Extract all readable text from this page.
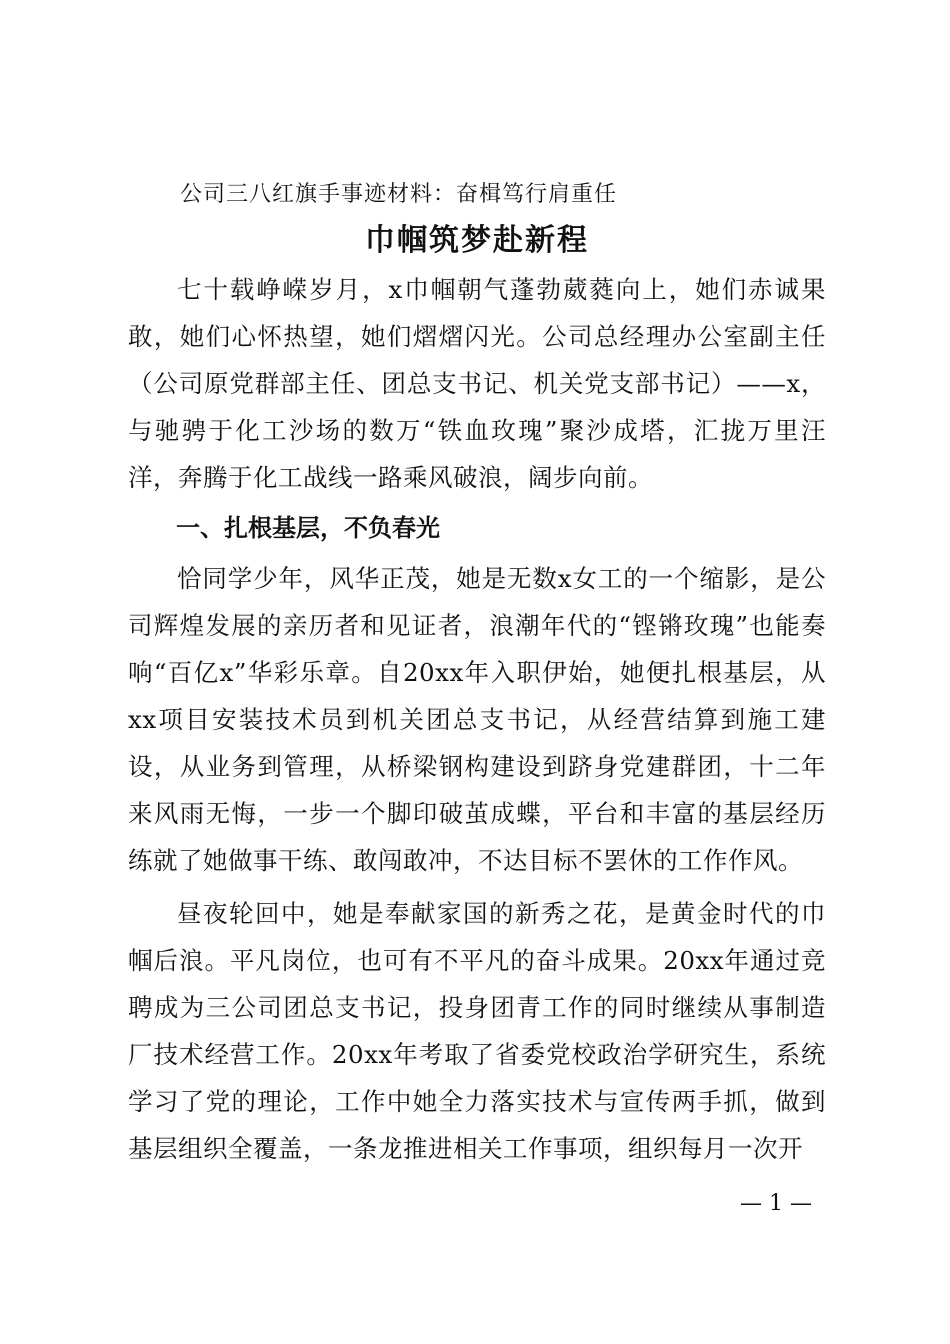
公司三八红旗手事迹材料：奋楫笃行肩重任

巾帼筑梦赴新程

七十载峥嵘岁月，x巾帼朝气蓬勃葳蕤向上，她们赤诚果敢，她们心怀热望，她们熠熠闪光。公司总经理办公室副主任（公司原党群部主任、团总支书记、机关党支部书记）——x，与驰骋于化工沙场的数万“铁血玫瑰”聚沙成塔，汇拢万里汪洋，奔腾于化工战线一路乘风破浪，阔步向前。

一、扎根基层，不负春光

恰同学少年，风华正茂，她是无数x女工的一个缩影，是公司辉煌发展的亲历者和见证者，浪潮年代的“铿锵玫瑰”也能奏响“百亿x”华彩乐章。自20xx年入职伊始，她便扎根基层，从xx项目安装技术员到机关团总支书记，从经营结算到施工建设，从业务到管理，从桥梁钢构建设到跻身党建群团，十二年来风雨无悔，一步一个脚印破茧成蝶，平台和丰富的基层经历练就了她做事干练、敢闯敢冲，不达目标不罢休的工作作风。

昼夜轮回中，她是奉献家国的新秀之花，是黄金时代的巾帼后浪。平凡岗位，也可有不平凡的奋斗成果。20xx年通过竞聘成为三公司团总支书记，投身团青工作的同时继续从事制造厂技术经营工作。20xx年考取了省委党校政治学研究生，系统学习了党的理论，工作中她全力落实技术与宣传两手抓，做到基层组织全覆盖，一条龙推进相关工作事项，组织每月一次开

— 1 —
